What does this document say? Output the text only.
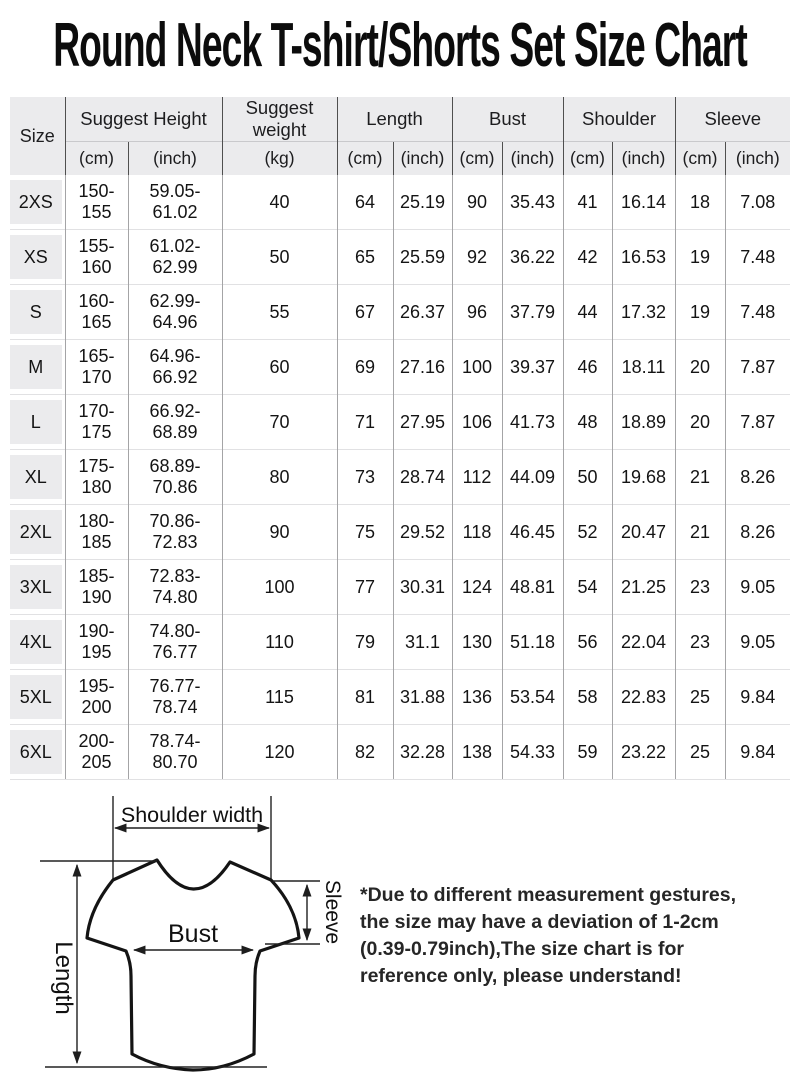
Round Neck T-shirt/Shorts Set Size Chart
Size	Suggest Height		Suggest weight	Length		Bust		Shoulder		Sleeve	
	(cm)	(inch)	(kg)	(cm)	(inch)	(cm)	(inch)	(cm)	(inch)	(cm)	(inch)

2XS	150-155	59.05-61.02	40	64	25.19	90	35.43	41	16.14	18	7.08

XS	155-160	61.02-62.99	50	65	25.59	92	36.22	42	16.53	19	7.48

S	160-165	62.99-64.96	55	67	26.37	96	37.79	44	17.32	19	7.48

M	165-170	64.96-66.92	60	69	27.16	100	39.37	46	18.11	20	7.87

L	170-175	66.92-68.89	70	71	27.95	106	41.73	48	18.89	20	7.87

XL	175-180	68.89-70.86	80	73	28.74	112	44.09	50	19.68	21	8.26

2XL	180-185	70.86-72.83	90	75	29.52	118	46.45	52	20.47	21	8.26

3XL	185-190	72.83-74.80	100	77	30.31	124	48.81	54	21.25	23	9.05

4XL	190-195	74.80-76.77	110	79	31.1	130	51.18	56	22.04	23	9.05

5XL	195-200	76.77-78.74	115	81	31.88	136	53.54	58	22.83	25	9.84

6XL	200-205	78.74-80.70	120	82	32.28	138	54.33	59	23.22	25	9.84
Shoulder width
Bust
Length
Sleeve *Due to different measurement gestures,
the size may have a deviation of 1-2cm
(0.39-0.79inch),The size chart is for
reference only, please understand!
